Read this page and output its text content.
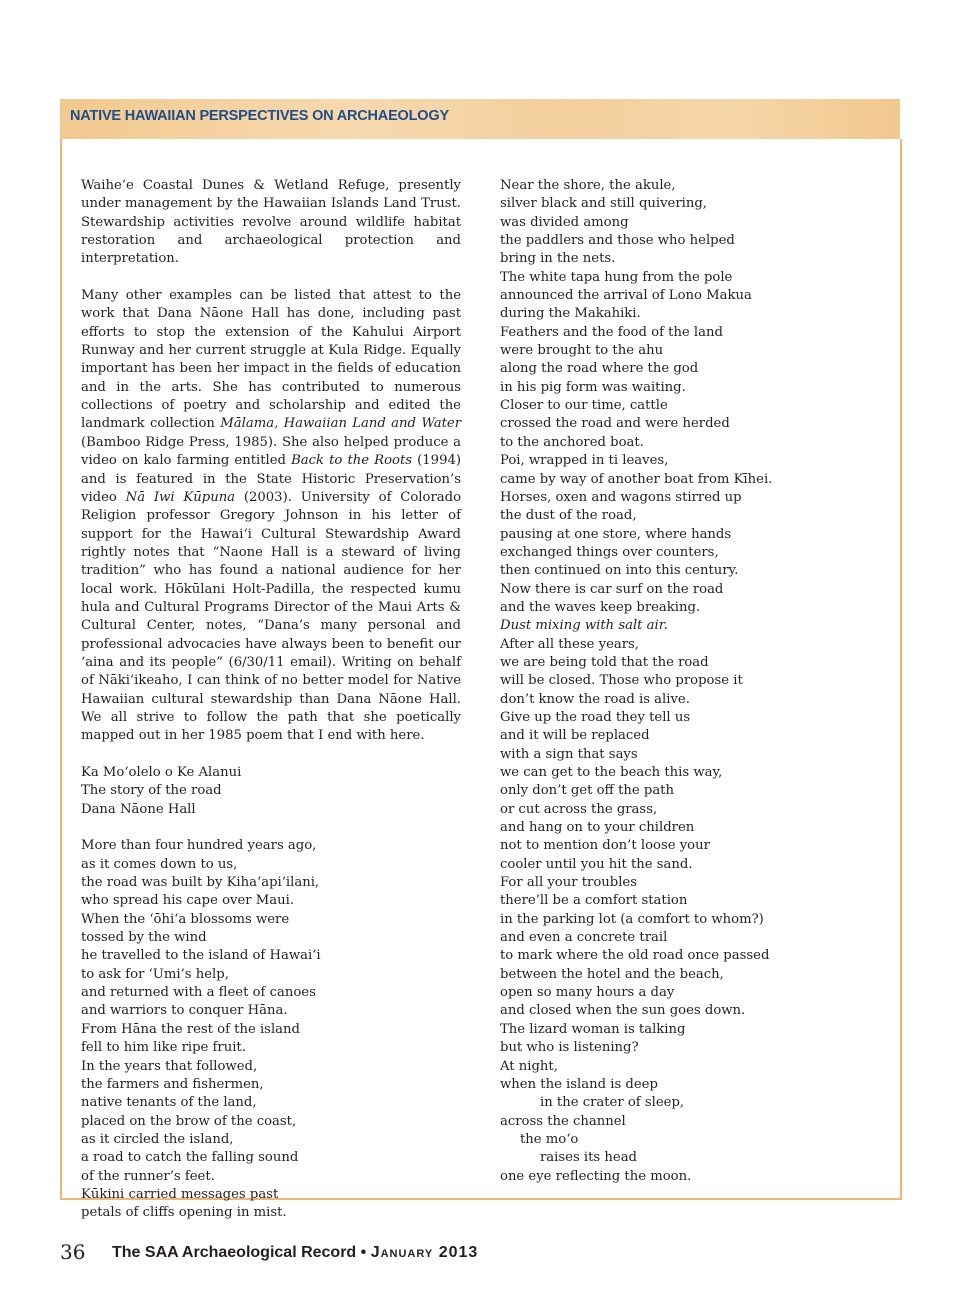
NATIVE HAWAIIAN PERSPECTIVES ON ARCHAEOLOGY

Waihe‘e Coastal Dunes & Wetland Refuge, presently under management by the Hawaiian Islands Land Trust. Stewardship activities revolve around wildlife habitat restoration and archaeological protection and interpretation.

Many other examples can be listed that attest to the work that Dana Nāone Hall has done, including past efforts to stop the extension of the Kahului Airport Runway and her current struggle at Kula Ridge. Equally important has been her impact in the fields of education and in the arts. She has contributed to numerous collections of poetry and scholarship and edited the landmark collection Mālama, Hawaiian Land and Water (Bamboo Ridge Press, 1985). She also helped produce a video on kalo farming entitled Back to the Roots (1994) and is featured in the State Historic Preservation’s video Nā Iwi Kūpuna (2003). University of Colorado Religion professor Gregory Johnson in his letter of support for the Hawai‘i Cultural Stewardship Award rightly notes that “Naone Hall is a steward of living tradition” who has found a national audience for her local work. Hōkūlani Holt-Padilla, the respected kumu hula and Cultural Programs Director of the Maui Arts & Cultural Center, notes, “Dana’s many personal and professional advocacies have always been to benefit our ‘aina and its people” (6/30/11 email). Writing on behalf of Nāki‘ikeaho, I can think of no better model for Native Hawaiian cultural stewardship than Dana Nāone Hall. We all strive to follow the path that she poetically mapped out in her 1985 poem that I end with here.

Ka Mo‘olelo o Ke Alanui
The story of the road
Dana Nāone Hall

More than four hundred years ago,
as it comes down to us,
the road was built by Kiha‘api‘ilani,
who spread his cape over Maui.
When the ‘ōhi‘a blossoms were
tossed by the wind
he travelled to the island of Hawai‘i
to ask for ‘Umi’s help,
and returned with a fleet of canoes
and warriors to conquer Hāna.
From Hāna the rest of the island
fell to him like ripe fruit.
In the years that followed,
the farmers and fishermen,
native tenants of the land,
placed on the brow of the coast,
as it circled the island,
a road to catch the falling sound
of the runner’s feet.
Kūkini carried messages past
petals of cliffs opening in mist.
Near the shore, the akule,
silver black and still quivering,
was divided among
the paddlers and those who helped
bring in the nets.
The white tapa hung from the pole
announced the arrival of Lono Makua
during the Makahiki.
Feathers and the food of the land
were brought to the ahu
along the road where the god
in his pig form was waiting.
Closer to our time, cattle
crossed the road and were herded
to the anchored boat.
Poi, wrapped in ti leaves,
came by way of another boat from Kīhei.
Horses, oxen and wagons stirred up
the dust of the road,
pausing at one store, where hands
exchanged things over counters,
then continued on into this century.
Now there is car surf on the road
and the waves keep breaking.
Dust mixing with salt air.
After all these years,
we are being told that the road
will be closed. Those who propose it
don’t know the road is alive.
Give up the road they tell us
and it will be replaced
with a sign that says
we can get to the beach this way,
only don’t get off the path
or cut across the grass,
and hang on to your children
not to mention don’t loose your
cooler until you hit the sand.
For all your troubles
there’ll be a comfort station
in the parking lot (a comfort to whom?)
and even a concrete trail
to mark where the old road once passed
between the hotel and the beach,
open so many hours a day
and closed when the sun goes down.
The lizard woman is talking
but who is listening?
At night,
when the island is deep
in the crater of sleep,
across the channel
the mo‘o
raises its head
one eye reflecting the moon.
36 The SAA Archaeological Record • January 2013
